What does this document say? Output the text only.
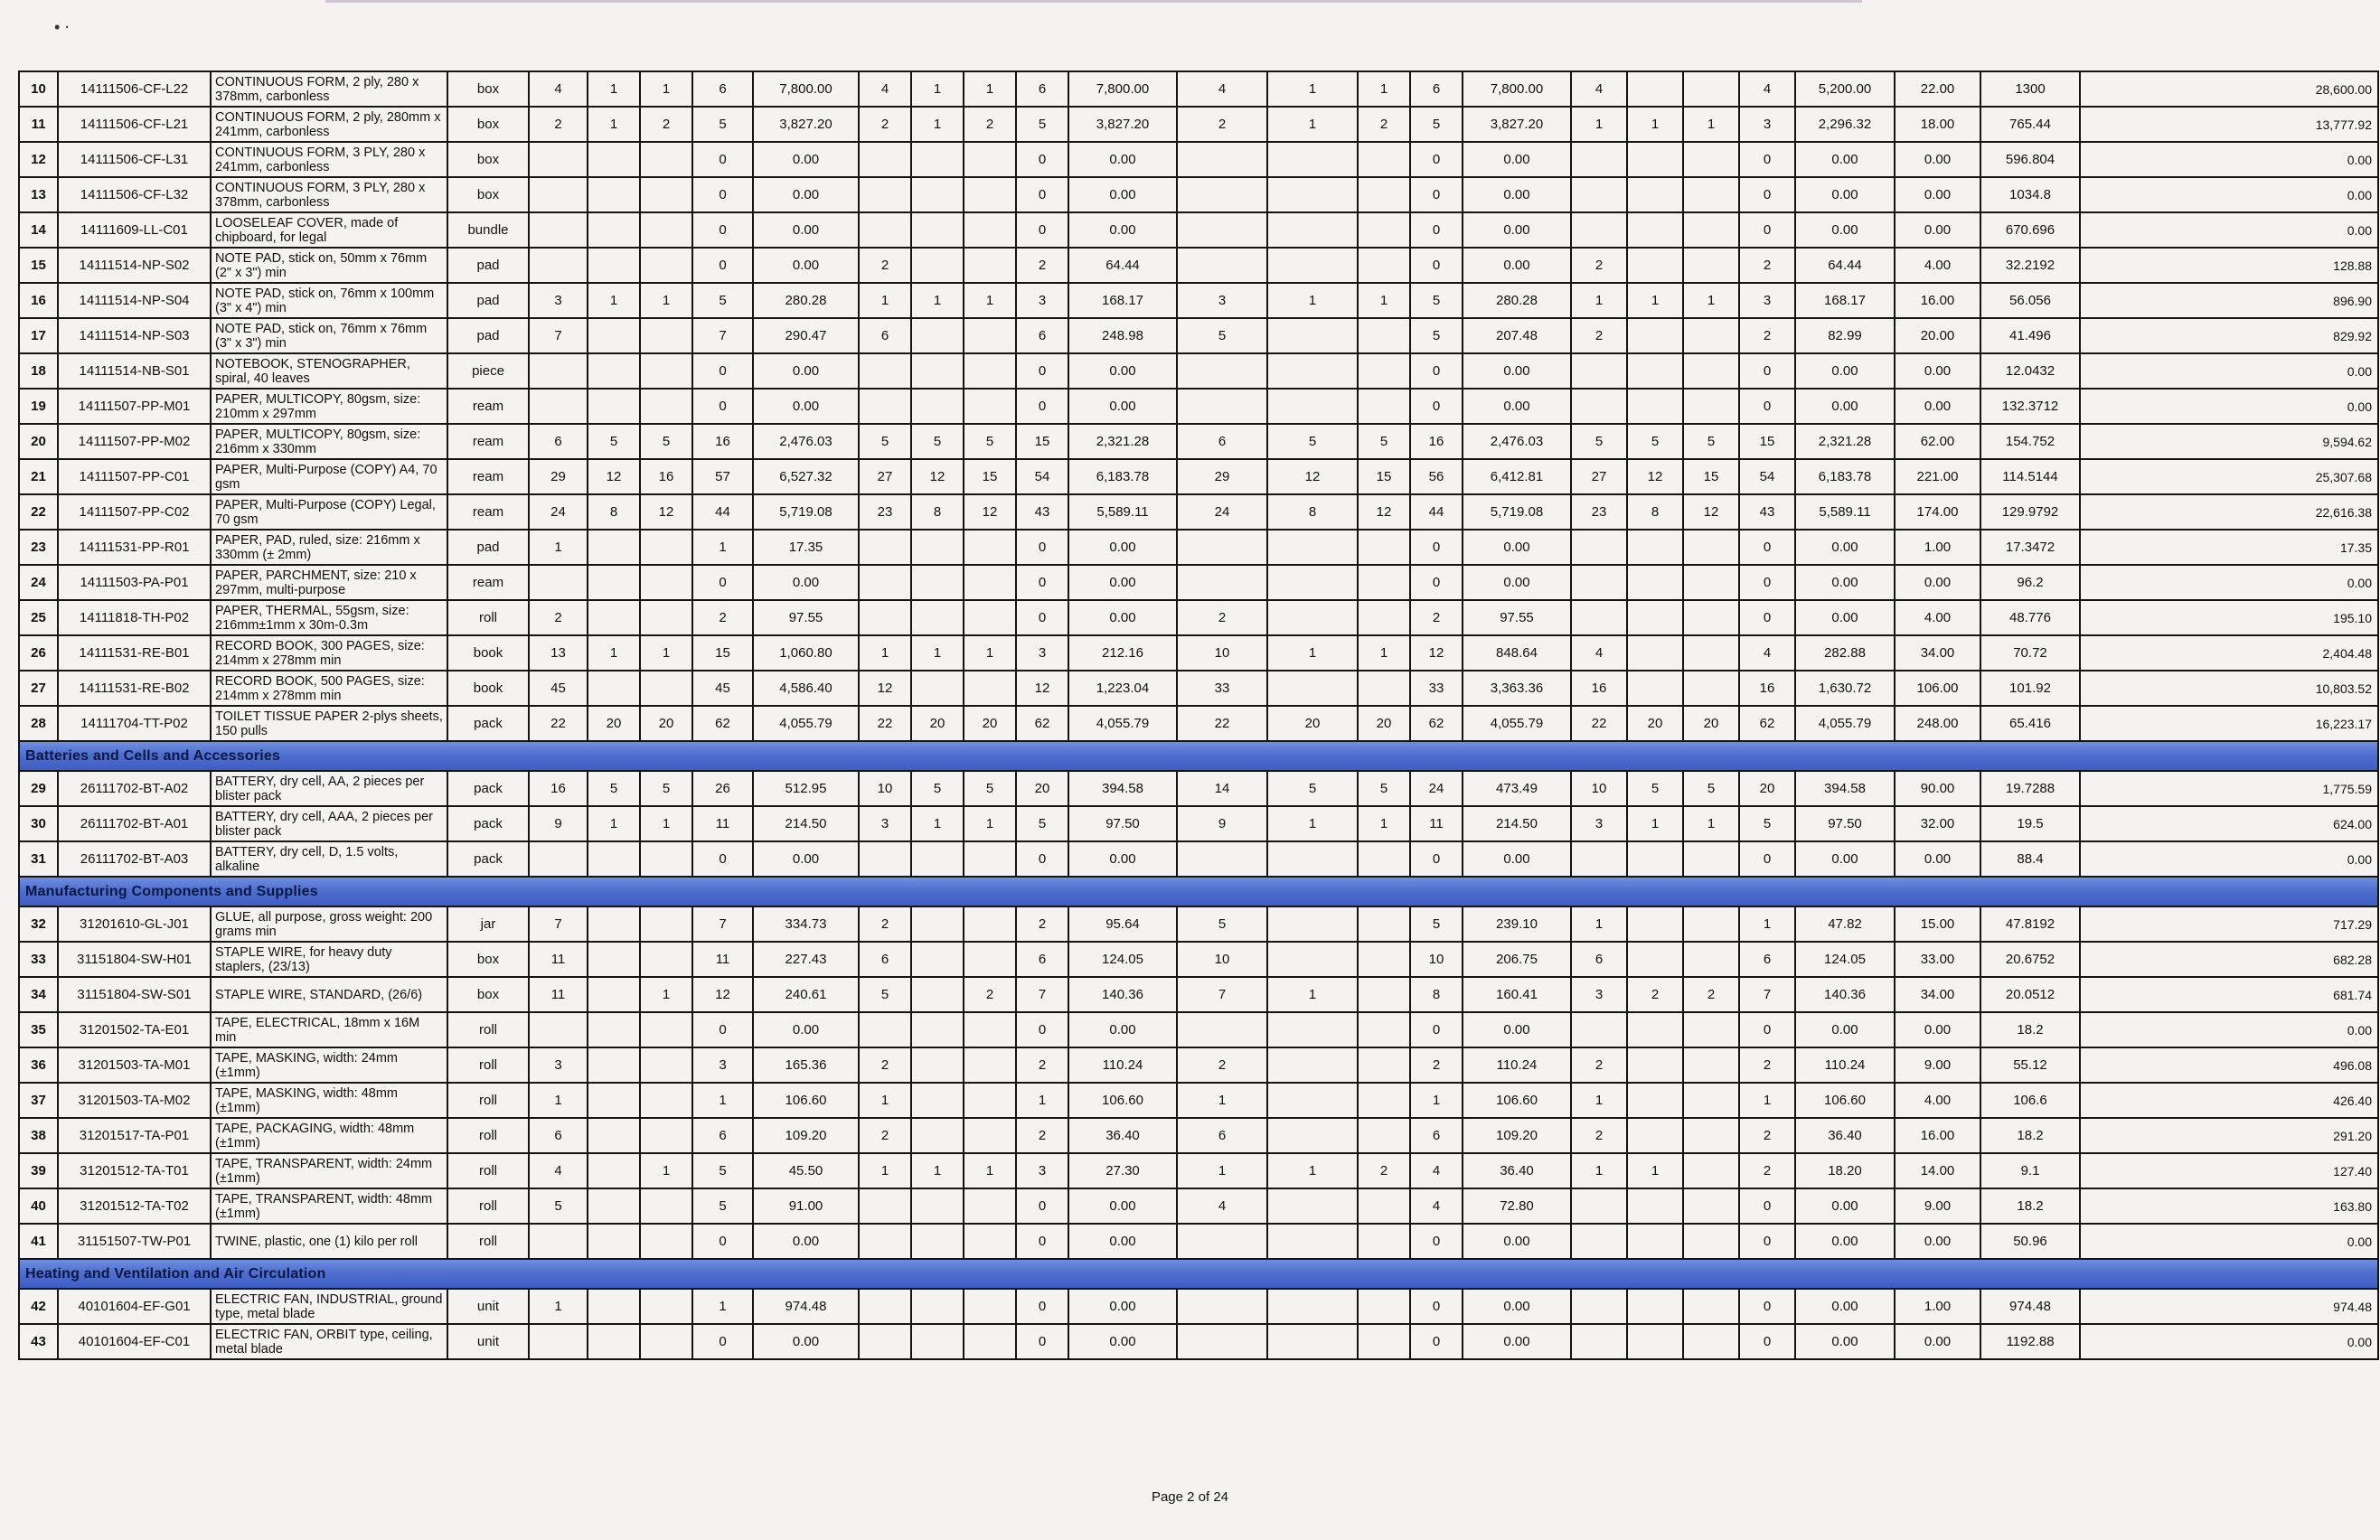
• ⋅
10	14111506-CF-L22	CONTINUOUS FORM, 2 ply, 280 x 378mm, carbonless	box	4	1	1	6	7,800.00	4	1	1	6	7,800.00	4	1	1	6	7,800.00	4			4	5,200.00	22.00	1300	28,600.00
11	14111506-CF-L21	CONTINUOUS FORM, 2 ply, 280mm x 241mm, carbonless	box	2	1	2	5	3,827.20	2	1	2	5	3,827.20	2	1	2	5	3,827.20	1	1	1	3	2,296.32	18.00	765.44	13,777.92
12	14111506-CF-L31	CONTINUOUS FORM, 3 PLY, 280 x 241mm, carbonless	box				0	0.00				0	0.00				0	0.00				0	0.00	0.00	596.804	0.00
13	14111506-CF-L32	CONTINUOUS FORM, 3 PLY, 280 x 378mm, carbonless	box				0	0.00				0	0.00				0	0.00				0	0.00	0.00	1034.8	0.00
14	14111609-LL-C01	LOOSELEAF COVER, made of chipboard, for legal	bundle				0	0.00				0	0.00				0	0.00				0	0.00	0.00	670.696	0.00
15	14111514-NP-S02	NOTE PAD, stick on, 50mm x 76mm (2" x 3") min	pad				0	0.00	2			2	64.44				0	0.00	2			2	64.44	4.00	32.2192	128.88
16	14111514-NP-S04	NOTE PAD, stick on, 76mm x 100mm (3" x 4") min	pad	3	1	1	5	280.28	1	1	1	3	168.17	3	1	1	5	280.28	1	1	1	3	168.17	16.00	56.056	896.90
17	14111514-NP-S03	NOTE PAD, stick on, 76mm x 76mm (3" x 3") min	pad	7			7	290.47	6			6	248.98	5			5	207.48	2			2	82.99	20.00	41.496	829.92
18	14111514-NB-S01	NOTEBOOK, STENOGRAPHER, spiral, 40 leaves	piece				0	0.00				0	0.00				0	0.00				0	0.00	0.00	12.0432	0.00
19	14111507-PP-M01	PAPER, MULTICOPY, 80gsm, size: 210mm x 297mm	ream				0	0.00				0	0.00				0	0.00				0	0.00	0.00	132.3712	0.00
20	14111507-PP-M02	PAPER, MULTICOPY, 80gsm, size: 216mm x 330mm	ream	6	5	5	16	2,476.03	5	5	5	15	2,321.28	6	5	5	16	2,476.03	5	5	5	15	2,321.28	62.00	154.752	9,594.62
21	14111507-PP-C01	PAPER, Multi-Purpose (COPY) A4, 70 gsm	ream	29	12	16	57	6,527.32	27	12	15	54	6,183.78	29	12	15	56	6,412.81	27	12	15	54	6,183.78	221.00	114.5144	25,307.68
22	14111507-PP-C02	PAPER, Multi-Purpose (COPY) Legal, 70 gsm	ream	24	8	12	44	5,719.08	23	8	12	43	5,589.11	24	8	12	44	5,719.08	23	8	12	43	5,589.11	174.00	129.9792	22,616.38
23	14111531-PP-R01	PAPER, PAD, ruled, size: 216mm x 330mm (± 2mm)	pad	1			1	17.35				0	0.00				0	0.00				0	0.00	1.00	17.3472	17.35
24	14111503-PA-P01	PAPER, PARCHMENT, size: 210 x 297mm, multi-purpose	ream				0	0.00				0	0.00				0	0.00				0	0.00	0.00	96.2	0.00
25	14111818-TH-P02	PAPER, THERMAL, 55gsm, size: 216mm±1mm x 30m-0.3m	roll	2			2	97.55				0	0.00	2			2	97.55				0	0.00	4.00	48.776	195.10
26	14111531-RE-B01	RECORD BOOK, 300 PAGES, size: 214mm x 278mm min	book	13	1	1	15	1,060.80	1	1	1	3	212.16	10	1	1	12	848.64	4			4	282.88	34.00	70.72	2,404.48
27	14111531-RE-B02	RECORD BOOK, 500 PAGES, size: 214mm x 278mm min	book	45			45	4,586.40	12			12	1,223.04	33			33	3,363.36	16			16	1,630.72	106.00	101.92	10,803.52
28	14111704-TT-P02	TOILET TISSUE PAPER 2-plys sheets, 150 pulls	pack	22	20	20	62	4,055.79	22	20	20	62	4,055.79	22	20	20	62	4,055.79	22	20	20	62	4,055.79	248.00	65.416	16,223.17
Batteries and Cells and Accessories																										
29	26111702-BT-A02	BATTERY, dry cell, AA, 2 pieces per blister pack	pack	16	5	5	26	512.95	10	5	5	20	394.58	14	5	5	24	473.49	10	5	5	20	394.58	90.00	19.7288	1,775.59
30	26111702-BT-A01	BATTERY, dry cell, AAA, 2 pieces per blister pack	pack	9	1	1	11	214.50	3	1	1	5	97.50	9	1	1	11	214.50	3	1	1	5	97.50	32.00	19.5	624.00
31	26111702-BT-A03	BATTERY, dry cell, D, 1.5 volts, alkaline	pack				0	0.00				0	0.00				0	0.00				0	0.00	0.00	88.4	0.00
Manufacturing Components and Supplies																										
32	31201610-GL-J01	GLUE, all purpose, gross weight: 200 grams min	jar	7			7	334.73	2			2	95.64	5			5	239.10	1			1	47.82	15.00	47.8192	717.29
33	31151804-SW-H01	STAPLE WIRE, for heavy duty staplers, (23/13)	box	11			11	227.43	6			6	124.05	10			10	206.75	6			6	124.05	33.00	20.6752	682.28
34	31151804-SW-S01	STAPLE WIRE, STANDARD, (26/6)	box	11		1	12	240.61	5		2	7	140.36	7	1		8	160.41	3	2	2	7	140.36	34.00	20.0512	681.74
35	31201502-TA-E01	TAPE, ELECTRICAL, 18mm x 16M min	roll				0	0.00				0	0.00				0	0.00				0	0.00	0.00	18.2	0.00
36	31201503-TA-M01	TAPE, MASKING, width: 24mm (±1mm)	roll	3			3	165.36	2			2	110.24	2			2	110.24	2			2	110.24	9.00	55.12	496.08
37	31201503-TA-M02	TAPE, MASKING, width: 48mm (±1mm)	roll	1			1	106.60	1			1	106.60	1			1	106.60	1			1	106.60	4.00	106.6	426.40
38	31201517-TA-P01	TAPE, PACKAGING, width: 48mm (±1mm)	roll	6			6	109.20	2			2	36.40	6			6	109.20	2			2	36.40	16.00	18.2	291.20
39	31201512-TA-T01	TAPE, TRANSPARENT, width: 24mm (±1mm)	roll	4		1	5	45.50	1	1	1	3	27.30	1	1	2	4	36.40	1	1		2	18.20	14.00	9.1	127.40
40	31201512-TA-T02	TAPE, TRANSPARENT, width: 48mm (±1mm)	roll	5			5	91.00				0	0.00	4			4	72.80				0	0.00	9.00	18.2	163.80
41	31151507-TW-P01	TWINE, plastic, one (1) kilo per roll	roll				0	0.00				0	0.00				0	0.00				0	0.00	0.00	50.96	0.00
Heating and Ventilation and Air Circulation																										
42	40101604-EF-G01	ELECTRIC FAN, INDUSTRIAL, ground type, metal blade	unit	1			1	974.48				0	0.00				0	0.00				0	0.00	1.00	974.48	974.48
43	40101604-EF-C01	ELECTRIC FAN, ORBIT type, ceiling, metal blade	unit				0	0.00				0	0.00				0	0.00				0	0.00	0.00	1192.88	0.00
Page 2 of 24
